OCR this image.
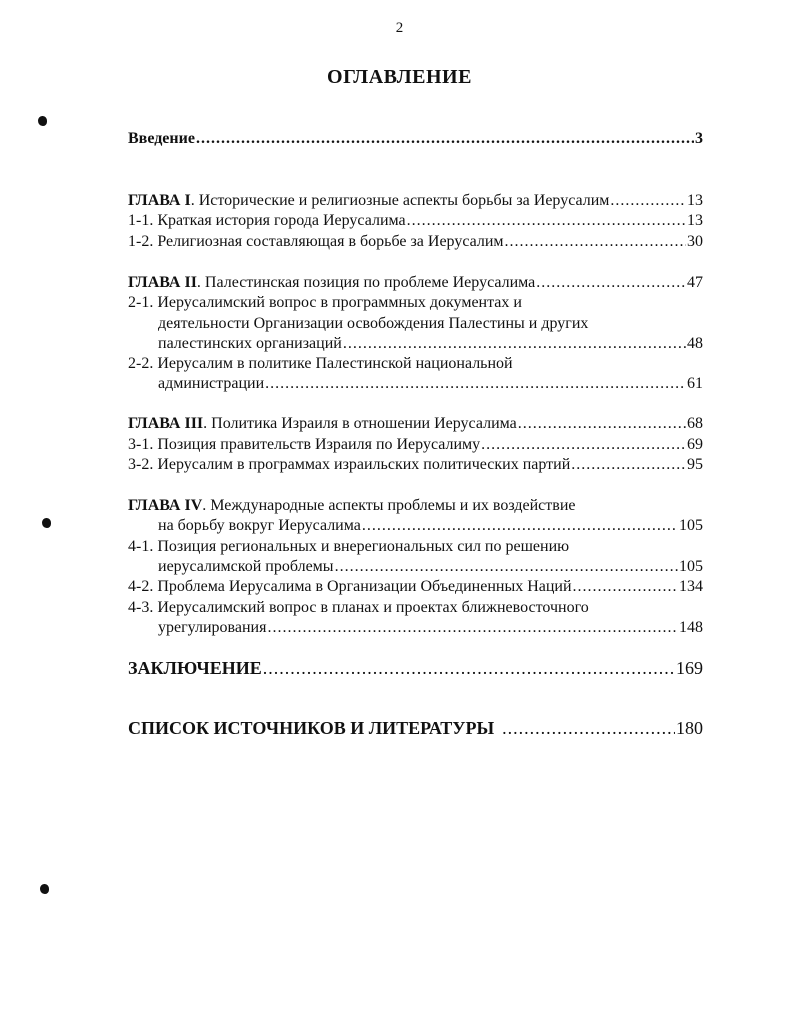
2
ОГЛАВЛЕНИЕ
Введение .....	3
ГЛАВА I. Исторические и религиозные аспекты борьбы за Иерусалим .....	13
1-1. Краткая история города Иерусалима .....	13
1-2. Религиозная составляющая в борьбе за Иерусалим .....	30
ГЛАВА II. Палестинская позиция по проблеме Иерусалима .....	47
2-1. Иерусалимский вопрос в программных документах и
деятельности Организации освобождения Палестины и других
палестинских организаций .....	48
2-2. Иерусалим в политике Палестинской национальной
администрации .....	61
ГЛАВА III. Политика Израиля в отношении Иерусалима .....	68
3-1. Позиция правительств Израиля по Иерусалиму .....	69
3-2. Иерусалим в программах израильских политических партий .....	95
ГЛАВА IV. Международные аспекты проблемы и их воздействие
на борьбу вокруг Иерусалима .....	105
4-1. Позиция региональных и внерегиональных сил по решению
иерусалимской проблемы .....	105
4-2. Проблема Иерусалима в Организации Объединенных Наций .....	134
4-3. Иерусалимский вопрос в планах и проектах ближневосточного
урегулирования .....	148
ЗАКЛЮЧЕНИЕ .....	169
СПИСОК ИСТОЧНИКОВ И ЛИТЕРАТУРЫ .....	180
